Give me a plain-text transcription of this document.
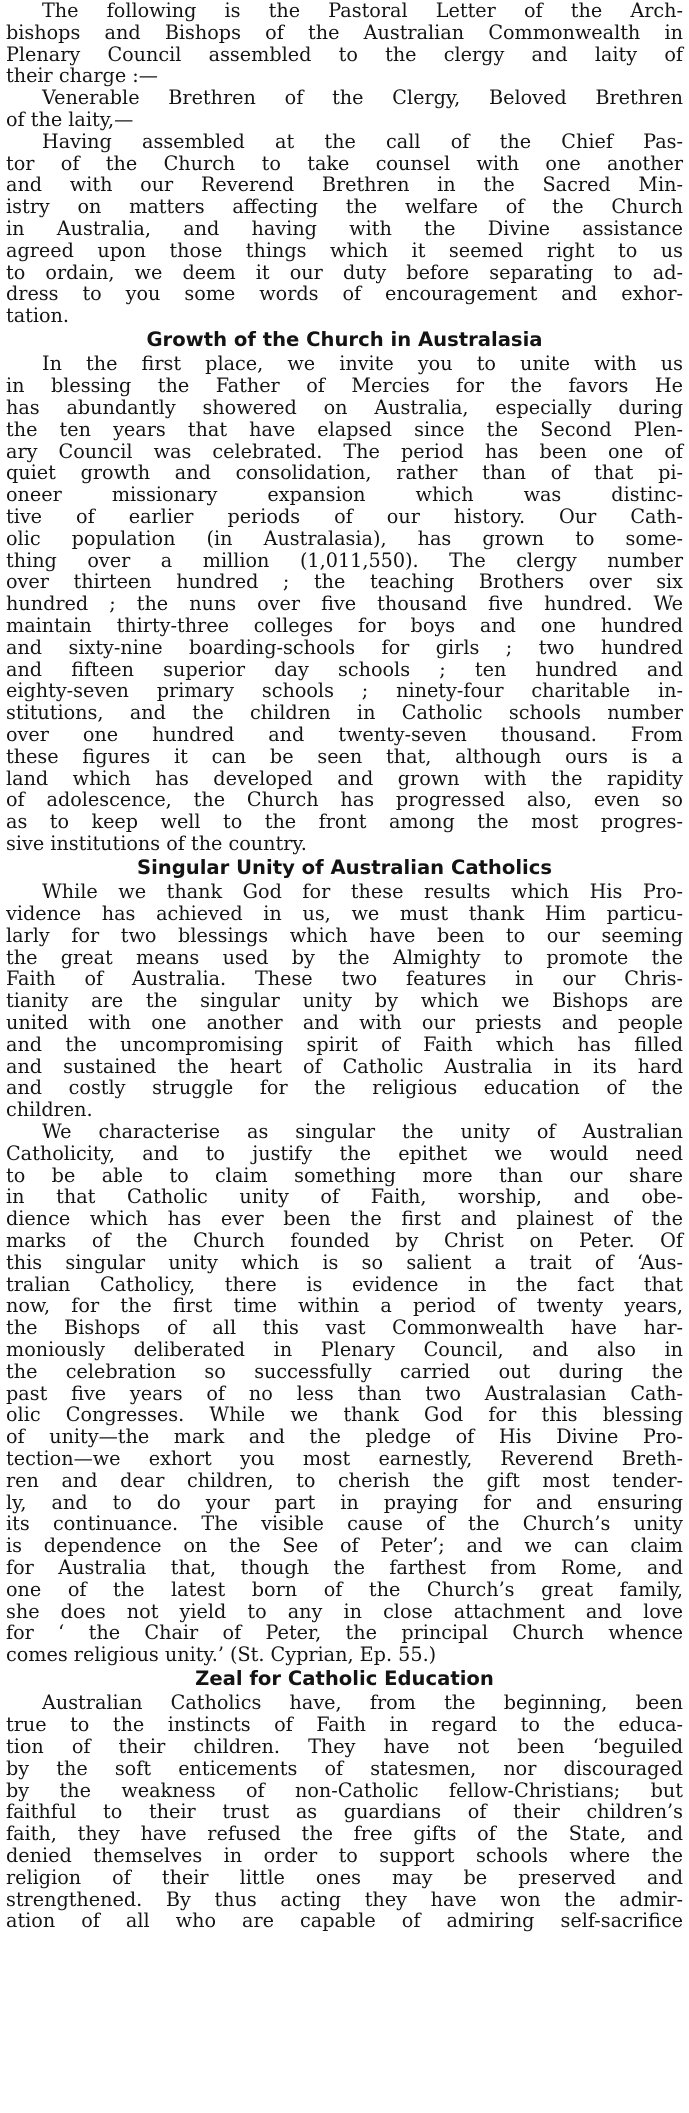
The following is the Pastoral Letter of the Arch-
bishops and Bishops of the Australian Commonwealth in
Plenary Council assembled to the clergy and laity of
their charge :—
Venerable Brethren of the Clergy, Beloved Brethren
of the laity,—
Having assembled at the call of the Chief Pas-
tor of the Church to take counsel with one another
and with our Reverend Brethren in the Sacred Min-
istry on matters affecting the welfare of the Church
in Australia, and having with the Divine assistance
agreed upon those things which it seemed right to us
to ordain, we deem it our duty before separating to ad-
dress to you some words of encouragement and exhor-
tation.
Growth of the Church in Australasia
In the first place, we invite you to unite with us
in blessing the Father of Mercies for the favors He
has abundantly showered on Australia, especially during
the ten years that have elapsed since the Second Plen-
ary Council was celebrated. The period has been one of
quiet growth and consolidation, rather than of that pi-
oneer missionary expansion which was distinc-
tive of earlier periods of our history. Our Cath-
olic population (in Australasia), has grown to some-
thing over a million (1,011,550). The clergy number
over thirteen hundred ; the teaching Brothers over six
hundred ; the nuns over five thousand five hundred. We
maintain thirty-three colleges for boys and one hundred
and sixty-nine boarding-schools for girls ; two hundred
and fifteen superior day schools ; ten hundred and
eighty-seven primary schools ; ninety-four charitable in-
stitutions, and the children in Catholic schools number
over one hundred and twenty-seven thousand. From
these figures it can be seen that, although ours is a
land which has developed and grown with the rapidity
of adolescence, the Church has progressed also, even so
as to keep well to the front among the most progres-
sive institutions of the country.
Singular Unity of Australian Catholics
While we thank God for these results which His Pro-
vidence has achieved in us, we must thank Him particu-
larly for two blessings which have been to our seeming
the great means used by the Almighty to promote the
Faith of Australia. These two features in our Chris-
tianity are the singular unity by which we Bishops are
united with one another and with our priests and people
and the uncompromising spirit of Faith which has filled
and sustained the heart of Catholic Australia in its hard
and costly struggle for the religious education of the
children.
We characterise as singular the unity of Australian
Catholicity, and to justify the epithet we would need
to be able to claim something more than our share
in that Catholic unity of Faith, worship, and obe-
dience which has ever been the first and plainest of the
marks of the Church founded by Christ on Peter. Of
this singular unity which is so salient a trait of ‘Aus-
tralian Catholicy, there is evidence in the fact that
now, for the first time within a period of twenty years,
the Bishops of all this vast Commonwealth have har-
moniously deliberated in Plenary Council, and also in
the celebration so successfully carried out during the
past five years of no less than two Australasian Cath-
olic Congresses. While we thank God for this blessing
of unity—the mark and the pledge of His Divine Pro-
tection—we exhort you most earnestly, Reverend Breth-
ren and dear children, to cherish the gift most tender-
ly, and to do your part in praying for and ensuring
its continuance. The visible cause of the Church’s unity
is dependence on the See of Peter’; and we can claim
for Australia that, though the farthest from Rome, and
one of the latest born of the Church’s great family,
she does not yield to any in close attachment and love
for ‘ the Chair of Peter, the principal Church whence
comes religious unity.’ (St. Cyprian, Ep. 55.)
Zeal for Catholic Education
Australian Catholics have, from the beginning, been
true to the instincts of Faith in regard to the educa-
tion of their children. They have not been ‘beguiled
by the soft enticements of statesmen, nor discouraged
by the weakness of non-Catholic fellow-Christians; but
faithful to their trust as guardians of their children’s
faith, they have refused the free gifts of the State, and
denied themselves in order to support schools where the
religion of their little ones may be preserved and
strengthened. By thus acting they have won the admir-
ation of all who are capable of admiring self-sacrifice
